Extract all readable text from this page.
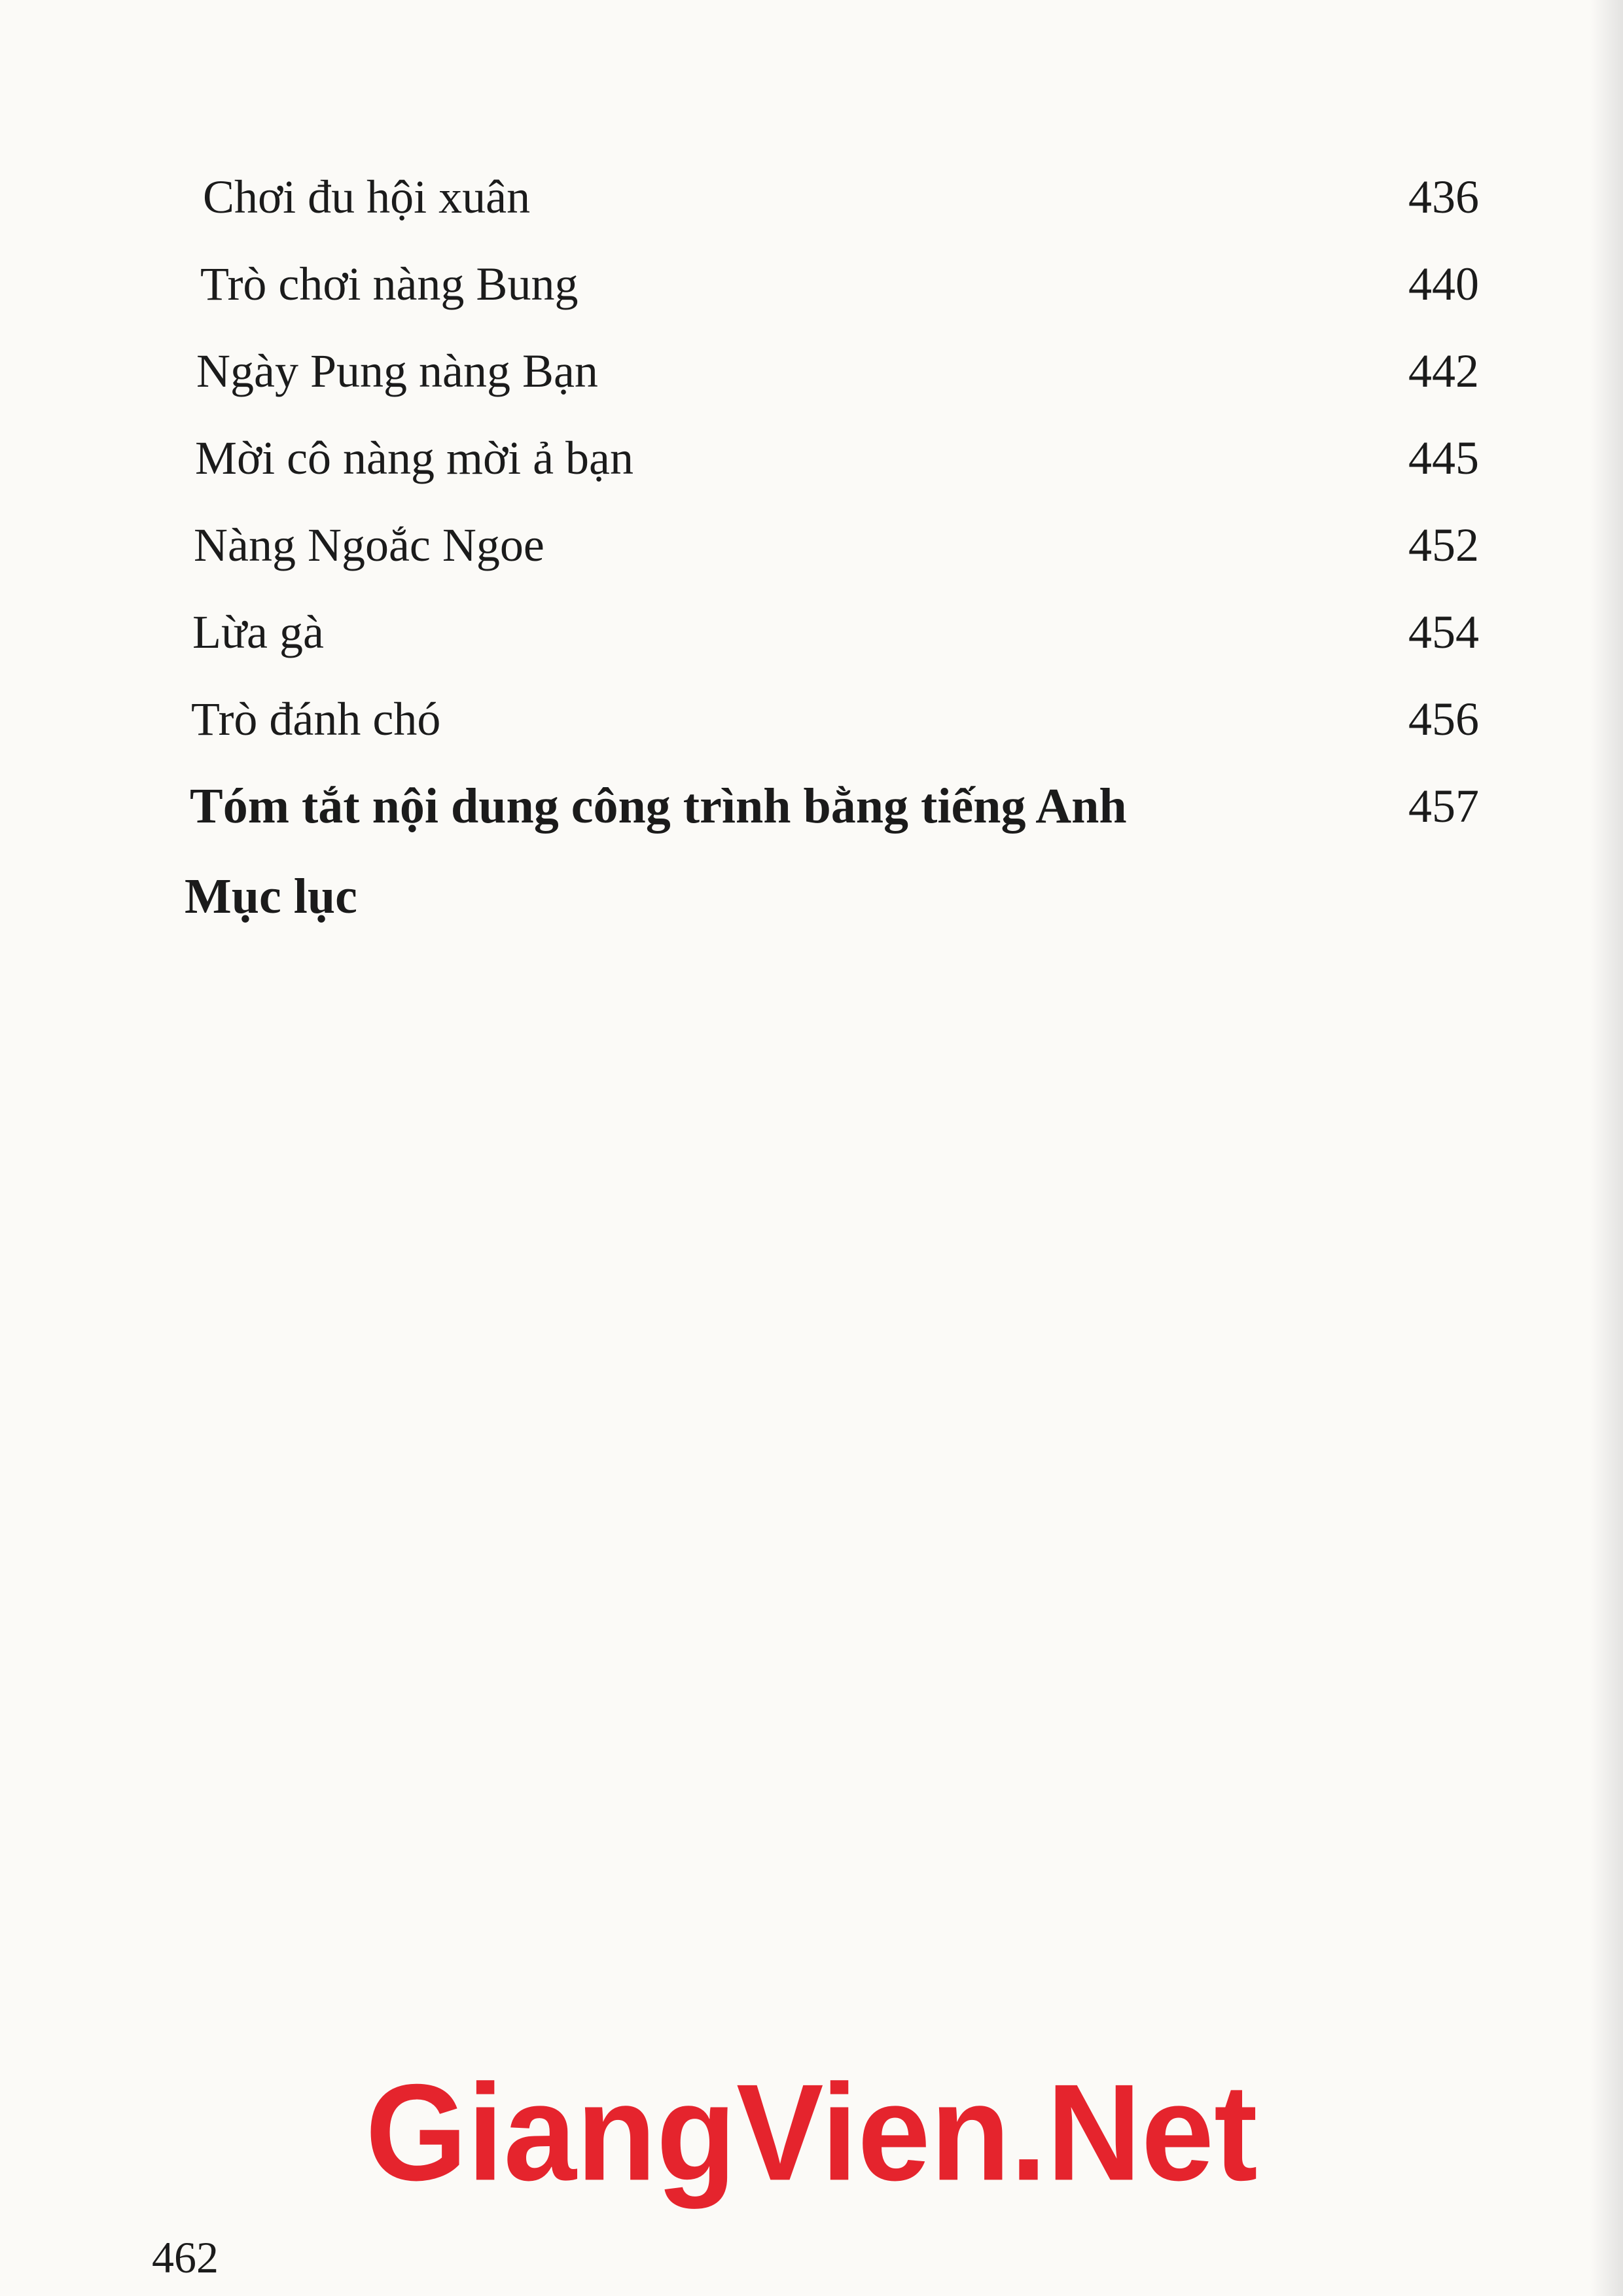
Chơi đu hội xuân	436
Trò chơi nàng Bung	440
Ngày Pung nàng Bạn	442
Mời cô nàng mời ả bạn	445
Nàng Ngoắc Ngoe	452
Lừa gà	454
Trò đánh chó	456
Tóm tắt nội dung công trình bằng tiếng Anh	457
Mục lục
GiangVien.Net
462
